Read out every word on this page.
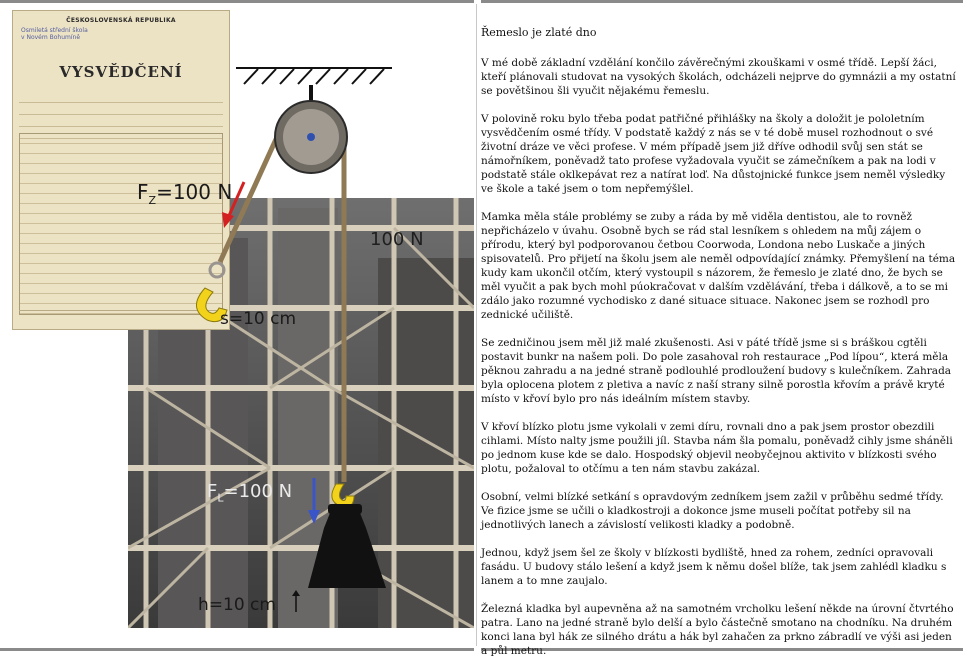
ČESKOSLOVENSKÁ REPUBLIKA
Osmiletá střední škola
v Novém Bohumíně
VYSVĚDČENÍ
$F_Z=100$ N
100 N
s=10 cm
$F_L=100$ N
h=10 cm
Řemeslo je zlaté dno

V mé době základní vzdělání končilo závěrečnými zkouškami v osmé třídě. Lepší žáci, kteří plánovali studovat na vysokých školách, odcházeli nejprve do gymnázii a my ostatní se povětšinou šli vyučit nějakému řemeslu.

V polovině roku bylo třeba podat patřičné přihlášky na školy a doložit je pololetním vysvědčením osmé třídy. V podstatě každý z nás se v té době musel rozhodnout o své životní dráze ve věci profese. V mém případě jsem již dříve odhodil svůj sen stát se námořníkem, poněvadž tato profese vyžadovala vyučit se zámečníkem a pak na lodi v podstatě stále oklkepávat rez a natírat loď. Na důstojnické funkce jsem neměl výsledky ve škole a také jsem o tom nepřemýšlel.

Mamka měla stále problémy se zuby a ráda by mě viděla dentistou, ale to rovněž nepřicházelo v úvahu. Osobně bych se rád stal lesníkem s ohledem na můj zájem o přírodu, který byl podporovanou četbou Coorwoda, Londona nebo Luskače a jiných spisovatelů. Pro přijetí na školu jsem ale neměl odpovídající známky. Přemyšlení na téma kudy kam ukončil otčím, který vystoupil s názorem, že řemeslo je zlaté dno, že bych se měl vyučit a pak bych mohl púokračovat v dalším vzdělávání, třeba i dálkově, a to se mi zdálo jako rozumné vychodisko z dané situace situace. Nakonec jsem se rozhodl pro zednické učiliště.

Se zedničinou jsem měl již malé zkušenosti. Asi v páté třídě jsme si s bráškou cgtěli postavit bunkr na našem poli. Do pole zasahoval roh restaurace „Pod lípou“, která měla pěknou zahradu a na jedné straně podlouhlé prodloužení budovy s kulečníkem. Zahrada byla oplocena plotem z pletiva a navíc z naší strany silně porostla křovím a právě kryté místo v křoví bylo pro nás ideálním místem stavby.

V křoví blízko plotu jsme vykolali v zemi díru, rovnali dno a pak jsem prostor obezdili cihlami. Místo nalty jsme použili jíl. Stavba nám šla pomalu, poněvadž cihly jsme sháněli po jednom kuse kde se dalo. Hospodský objevil neobyčejnou aktivito v blízkosti svého plotu, požaloval to otčímu a ten nám stavbu zakázal.

Osobní, velmi blízké setkání s opravdovým zedníkem jsem zažil v průběhu sedmé třídy. Ve fizice jsme se učili o kladkostroji a dokonce jsme museli počítat potřeby sil na jednotlivých lanech a závislostí velikosti kladky a podobně.

Jednou, když jsem šel ze školy v blízkosti bydliště, hned za rohem, zedníci opravovali fasádu. U budovy stálo lešení a když jsem k němu došel blíže, tak jsem zahlédl kladku s lanem a to mne zaujalo.

Železná kladka byl aupevněna až na samotném vrcholku lešení někde na úrovní čtvrtého patra. Lano na jedné straně bylo delší a bylo částečně smotano na chodníku. Na druhém konci lana byl hák ze silného drátu a hák byl zahačen za prkno zábradlí ve výši asi jeden a půl metru.
